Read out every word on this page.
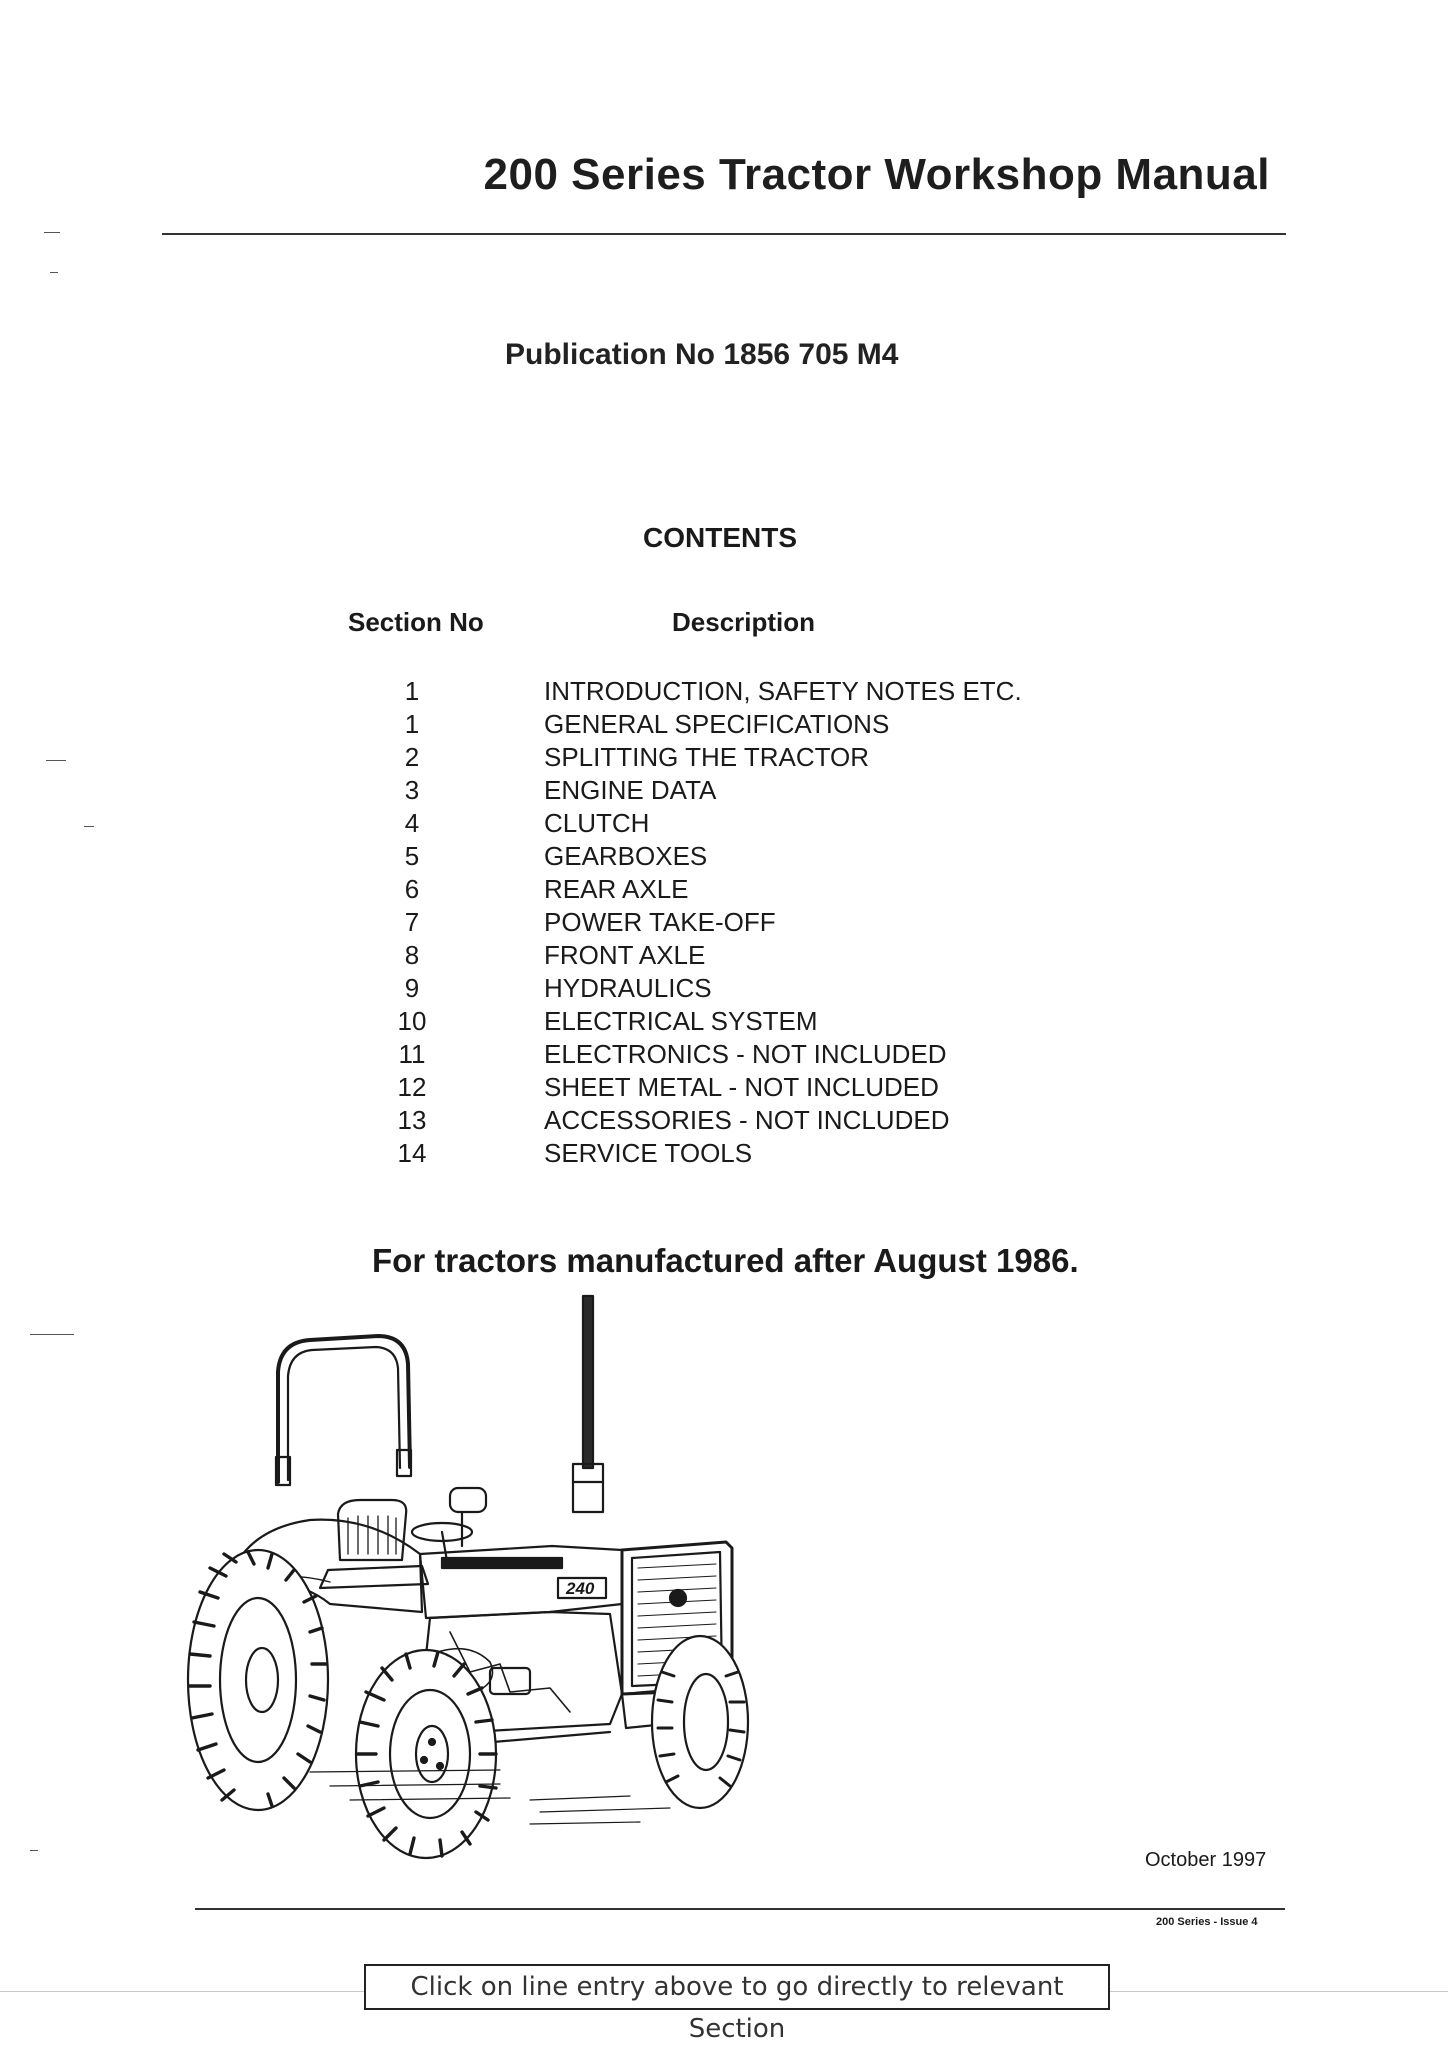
200 Series Tractor Workshop Manual
Publication No 1856 705 M4
CONTENTS
Section No	Description
1	INTRODUCTION, SAFETY NOTES ETC.
1	GENERAL SPECIFICATIONS
2	SPLITTING THE TRACTOR
3	ENGINE DATA
4	CLUTCH
5	GEARBOXES
6	REAR AXLE
7	POWER TAKE-OFF
8	FRONT AXLE
9	HYDRAULICS
10	ELECTRICAL SYSTEM
11	ELECTRONICS - NOT INCLUDED
12	SHEET METAL - NOT INCLUDED
13	ACCESSORIES - NOT INCLUDED
14	SERVICE TOOLS
For tractors manufactured after August 1986.
240
October 1997
200 Series - Issue 4
Click on line entry above to go directly to relevant Section
